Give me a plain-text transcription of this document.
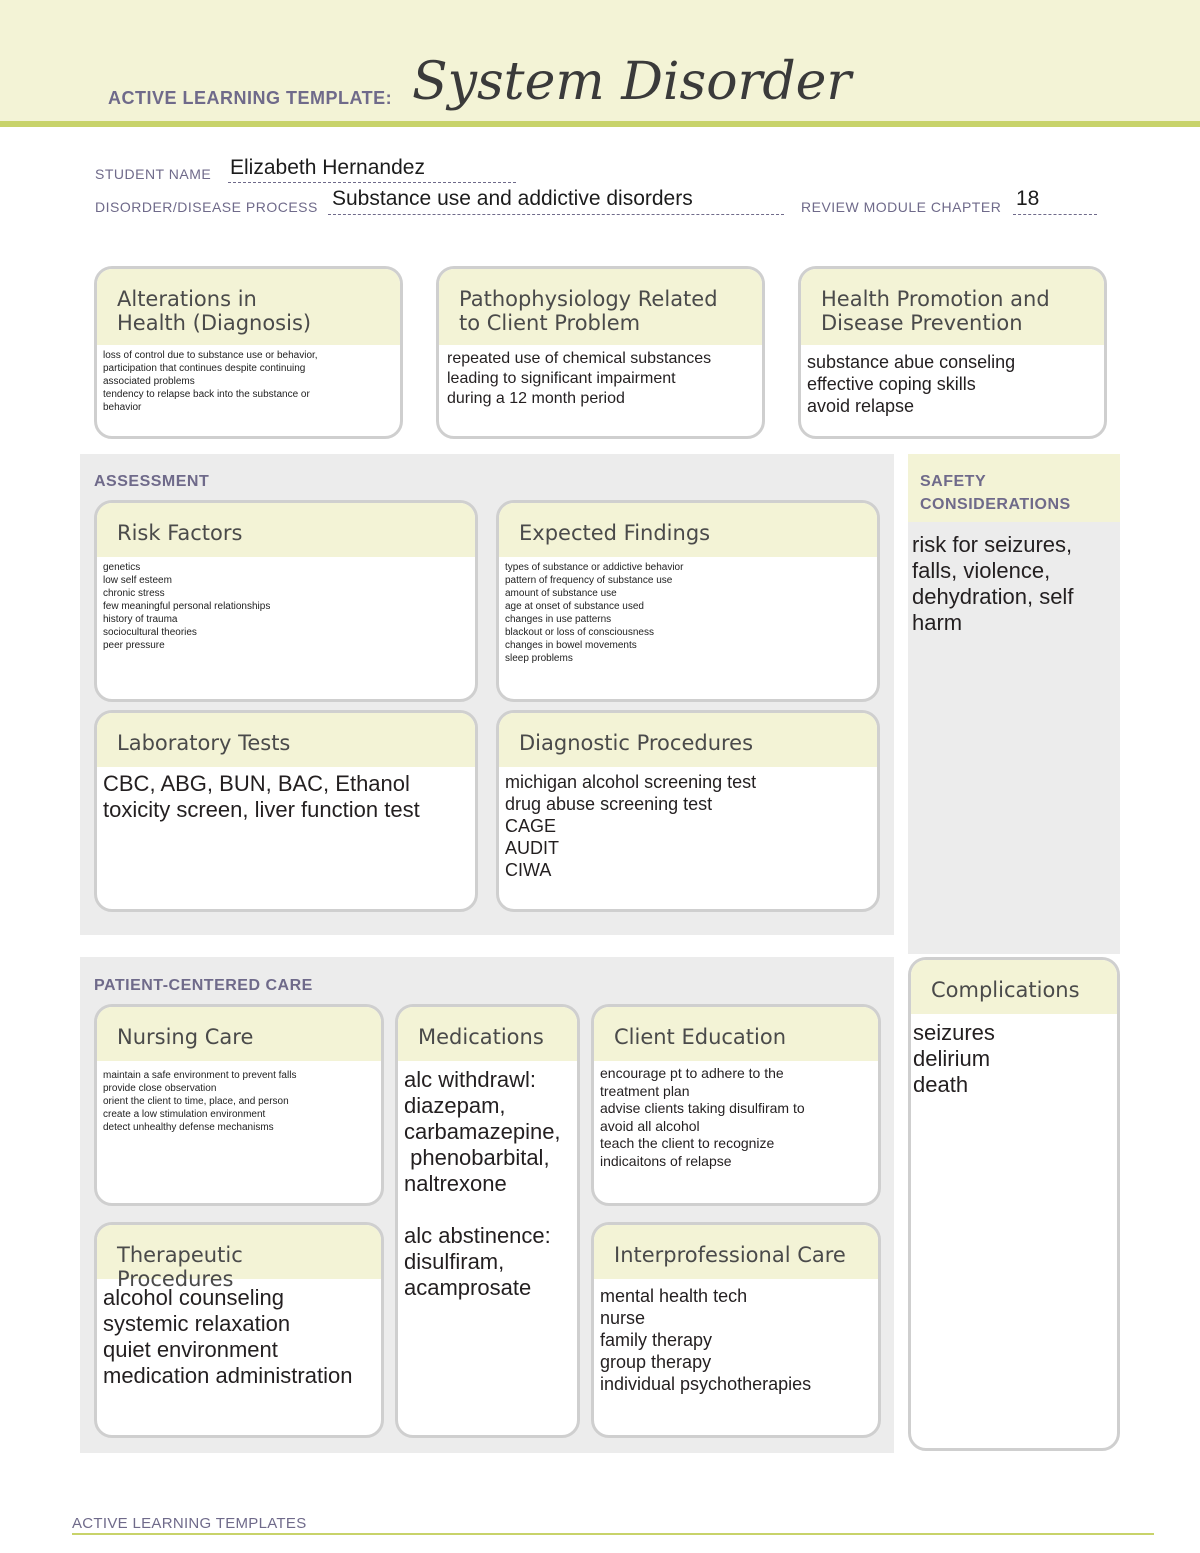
ACTIVE LEARNING TEMPLATE: System Disorder
STUDENT NAME Elizabeth Hernandez
DISORDER/DISEASE PROCESS Substance use and addictive disorders	REVIEW MODULE CHAPTER 18
Alterations in
Health (Diagnosis)
loss of control due to substance use or behavior,
participation that continues despite continuing
associated problems
tendency to relapse back into the substance or
behavior
Pathophysiology Related
to Client Problem
repeated use of chemical substances
leading to significant impairment
during a 12 month period
Health Promotion and
Disease Prevention
substance abue conseling
effective coping skills
avoid relapse
ASSESSMENT
Risk Factors
genetics
low self esteem
chronic stress
few meaningful personal relationships
history of trauma
sociocultural theories
peer pressure
Expected Findings
types of substance or addictive behavior
pattern of frequency of substance use
amount of substance use
age at onset of substance used
changes in use patterns
blackout or loss of consciousness
changes in bowel movements
sleep problems
Laboratory Tests
CBC, ABG, BUN, BAC, Ethanol
toxicity screen, liver function test
Diagnostic Procedures
michigan alcohol screening test
drug abuse screening test
CAGE
AUDIT
CIWA
SAFETY
CONSIDERATIONS
risk for seizures,
falls, violence,
dehydration, self
harm
PATIENT-CENTERED CARE
Nursing Care
maintain a safe environment to prevent falls
provide close observation
orient the client to time, place, and person
create a low stimulation environment
detect unhealthy defense mechanisms
Medications
alc withdrawl:
diazepam,
carbamazepine,
phenobarbital,
naltrexone
alc abstinence:
disulfiram,
acamprosate
Client Education
encourage pt to adhere to the
treatment plan
advise clients taking disulfiram to
avoid all alcohol
teach the client to recognize
indicaitons of relapse
Therapeutic Procedures
alcohol counseling
systemic relaxation
quiet environment
medication administration
Interprofessional Care
mental health tech
nurse
family therapy
group therapy
individual psychotherapies
Complications
seizures
delirium
death
ACTIVE LEARNING TEMPLATES
